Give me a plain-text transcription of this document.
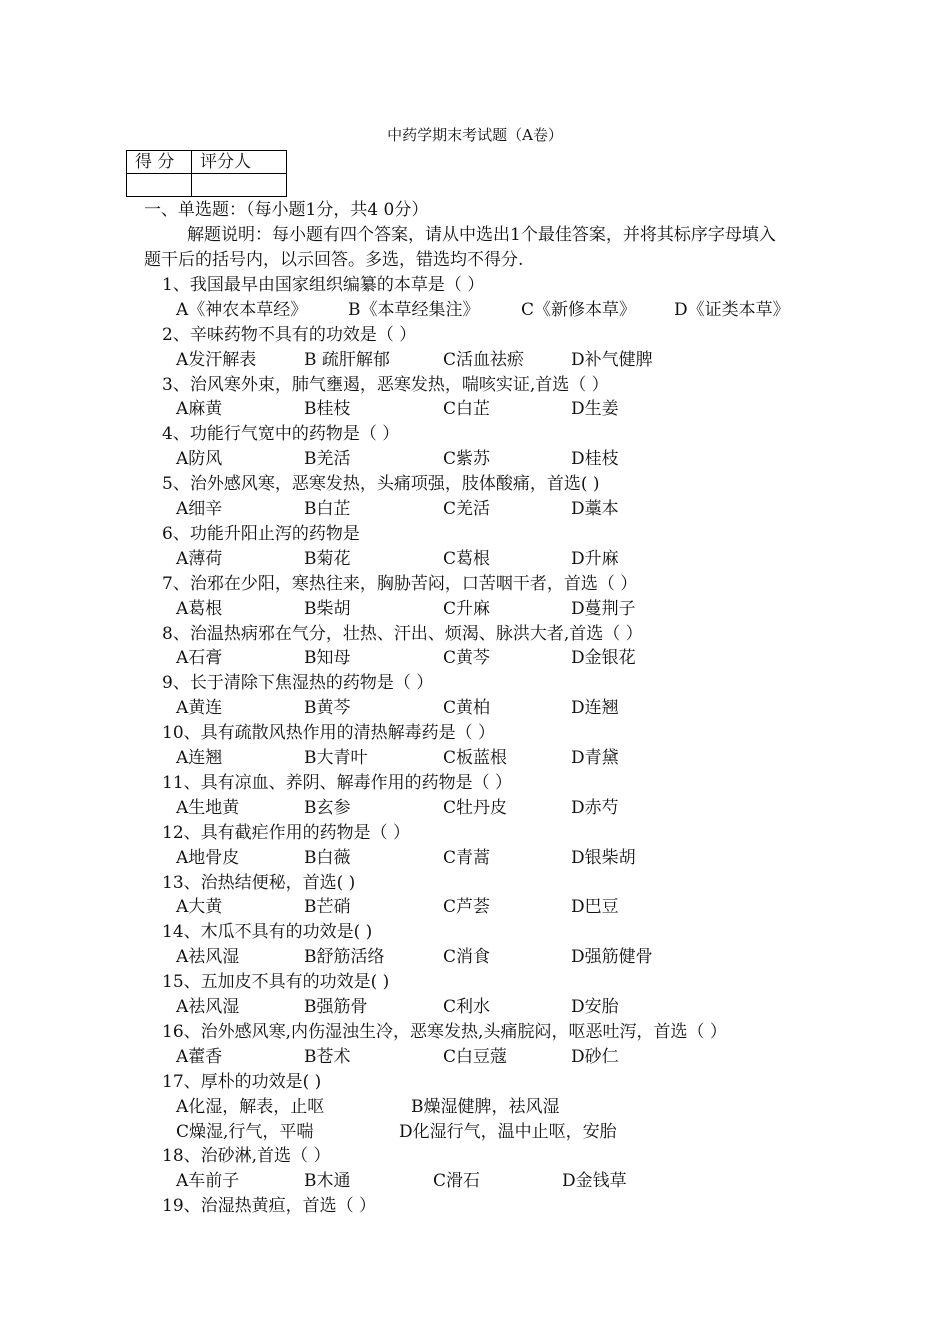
中药学期末考试题（A卷）
得 分	评分人

一、单选题：（每小题1分，共4 0分）
解题说明：每小题有四个答案，请从中选出1个最佳答案，并将其标序字母填入
题干后的括号内，以示回答。多选，错选均不得分.
1、我国最早由国家组织编纂的本草是（ ）
A《神农本草经》 B《本草经集注》 C《新修本草》 D《证类本草》
2、辛味药物不具有的功效是（ ）
A发汗解表	B 疏肝解郁	C活血祛瘀	D补气健脾
3、治风寒外束，肺气壅遏，恶寒发热，喘咳实证,首选（ ）
A麻黄	B桂枝	C白芷	D生姜
4、功能行气宽中的药物是（ ）
A防风	B羌活	C紫苏	D桂枝
5、治外感风寒，恶寒发热，头痛项强，肢体酸痛，首选( )
A细辛	B白芷	C羌活	D藁本
6、功能升阳止泻的药物是
A薄荷	B菊花	C葛根	D升麻
7、治邪在少阳，寒热往来，胸胁苦闷，口苦咽干者，首选（ ）
A葛根	B柴胡	C升麻	D蔓荆子
8、治温热病邪在气分，壮热、汗出、烦渴、脉洪大者,首选（ ）
A石膏	B知母	C黄芩	D金银花
9、长于清除下焦湿热的药物是（ ）
A黄连	B黄芩	C黄柏	D连翘
10、具有疏散风热作用的清热解毒药是（ ）
A连翘	B大青叶	C板蓝根	D青黛
11、具有凉血、养阴、解毒作用的药物是（ ）
A生地黄	B玄参	C牡丹皮	D赤芍
12、具有截疟作用的药物是（ ）
A地骨皮	B白薇	C青蒿	D银柴胡
13、治热结便秘，首选( )
A大黄	B芒硝	C芦荟	D巴豆
14、木瓜不具有的功效是( )
A祛风湿	B舒筋活络	C消食	D强筋健骨
15、五加皮不具有的功效是( )
A祛风湿	B强筋骨	C利水	D安胎
16、治外感风寒,内伤湿浊生冷，恶寒发热,头痛脘闷，呕恶吐泻，首选（ ）
A藿香	B苍术	C白豆蔻	D砂仁
17、厚朴的功效是( )
A化湿，解表，止呕	B燥湿健脾，祛风湿
C燥湿,行气，平喘	D化湿行气，温中止呕，安胎
18、治砂淋,首选（ ）
A车前子	B木通	C滑石	D金钱草
19、治湿热黄疸，首选（ ）
